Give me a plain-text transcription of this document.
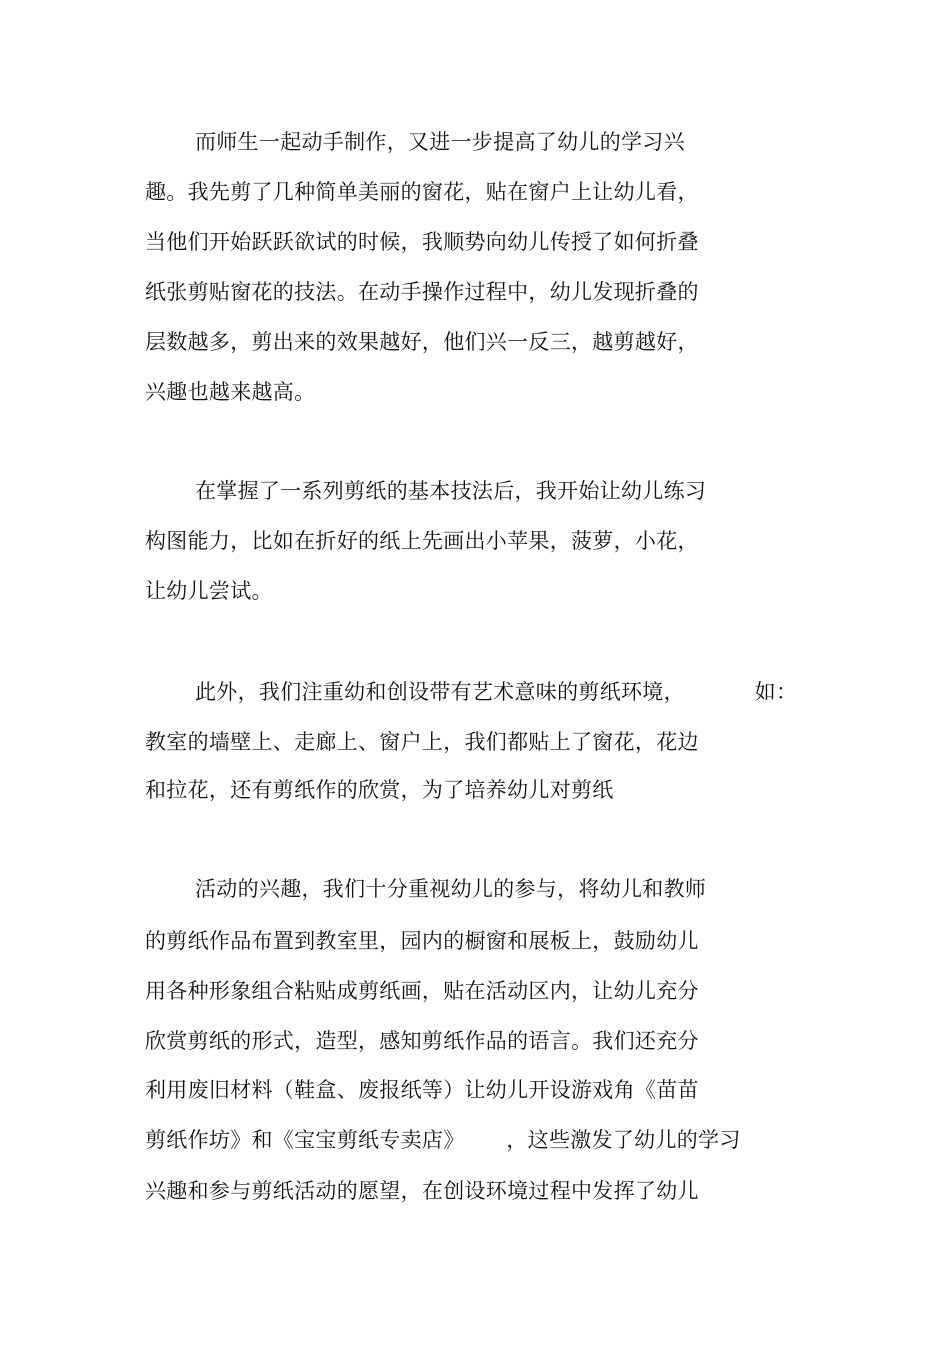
而师生一起动手制作，又进一步提高了幼儿的学习兴
趣。我先剪了几种简单美丽的窗花，贴在窗户上让幼儿看，
当他们开始跃跃欲试的时候，我顺势向幼儿传授了如何折叠
纸张剪贴窗花的技法。在动手操作过程中，幼儿发现折叠的
层数越多，剪出来的效果越好，他们兴一反三，越剪越好，
兴趣也越来越高。
在掌握了一系列剪纸的基本技法后，我开始让幼儿练习
构图能力，比如在折好的纸上先画出小苹果，菠萝，小花，
让幼儿尝试。
此外，我们注重幼和创设带有艺术意味的剪纸环境，          如：
教室的墙壁上、走廊上、窗户上，我们都贴上了窗花，花边
和拉花，还有剪纸作的欣赏，为了培养幼儿对剪纸
活动的兴趣，我们十分重视幼儿的参与，将幼儿和教师
的剪纸作品布置到教室里，园内的橱窗和展板上，鼓励幼儿
用各种形象组合粘贴成剪纸画，贴在活动区内，让幼儿充分
欣赏剪纸的形式，造型，感知剪纸作品的语言。我们还充分
利用废旧材料（鞋盒、废报纸等）让幼儿开设游戏角《苗苗
剪纸作坊》和《宝宝剪纸专卖店》      ，这些激发了幼儿的学习
兴趣和参与剪纸活动的愿望，在创设环境过程中发挥了幼儿
